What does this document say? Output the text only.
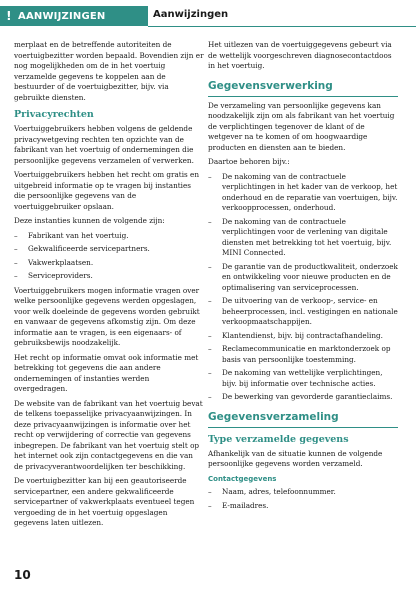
! AANWIJZINGEN	Aanwijzingen

merplaat en de betreffende autoriteiten de voertuigbezitter worden bepaald. Bovendien zijn er nog mogelijkheden om de in het voertuig verzamelde gegevens te koppelen aan de bestuurder of de voertuigbezitter, bijv. via gebruikte diensten.

Privacyrechten

Voertuiggebruikers hebben volgens de geldende privacywetgeving rechten ten opzichte van de fabrikant van het voertuig of ondernemingen die persoonlijke gegevens verzamelen of verwerken.

Voertuiggebruikers hebben het recht om gratis en uitgebreid informatie op te vragen bij instanties die persoonlijke gegevens van de voertuiggebruiker opslaan.

Deze instanties kunnen de volgende zijn:

– Fabrikant van het voertuig.
– Gekwalificeerde servicepartners.
– Vakwerkplaatsen.
– Serviceproviders.

Voertuiggebruikers mogen informatie vragen over welke persoonlijke gegevens werden opgeslagen, voor welk doeleinde de gegevens worden gebruikt en vanwaar de gegevens afkomstig zijn. Om deze informatie aan te vragen, is een eigenaars- of gebruiksbewijs noodzakelijk.

Het recht op informatie omvat ook informatie met betrekking tot gegevens die aan andere ondernemingen of instanties werden overgedragen.

De website van de fabrikant van het voertuig bevat de telkens toepasselijke privacyaanwijzingen. In deze privacyaanwijzingen is informatie over het recht op verwijdering of correctie van gegevens inbegrepen. De fabrikant van het voertuig stelt op het internet ook zijn contactgegevens en die van de privacyverantwoordelijken ter beschikking.

De voertuigbezitter kan bij een geautoriseerde servicepartner, een andere gekwalificeerde servicepartner of vakwerkplaats eventueel tegen vergoeding de in het voertuig opgeslagen gegevens laten uitlezen.

Het uitlezen van de voertuiggegevens gebeurt via de wettelijk voorgeschreven diagnosecontactdoos in het voertuig.

Gegevensverwerking

De verzameling van persoonlijke gegevens kan noodzakelijk zijn om als fabrikant van het voertuig de verplichtingen tegenover de klant of de wetgever na te komen of om hoogwaardige producten en diensten aan te bieden.

Daartoe behoren bijv.:

– De nakoming van de contractuele verplichtingen in het kader van de verkoop, het onderhoud en de reparatie van voertuigen, bijv. verkoopprocessen, onderhoud.
– De nakoming van de contractuele verplichtingen voor de verlening van digitale diensten met betrekking tot het voertuig, bijv. MINI Connected.
– De garantie van de productkwaliteit, onderzoek en ontwikkeling voor nieuwe producten en de optimalisering van serviceprocessen.
– De uitvoering van de verkoop-, service- en beheerprocessen, incl. vestigingen en nationale verkoopmaatschappijen.
– Klantendienst, bijv. bij contractafhandeling.
– Reclamecommunicatie en marktonderzoek op basis van persoonlijke toestemming.
– De nakoming van wettelijke verplichtingen, bijv. bij informatie over technische acties.
– De bewerking van gevorderde garantieclaims.
Gegevensverzameling
Type verzamelde gegevens

Afhankelijk van de situatie kunnen de volgende persoonlijke gegevens worden verzameld.

Contactgegevens
– Naam, adres, telefoonnummer.
– E-mailadres.
10
